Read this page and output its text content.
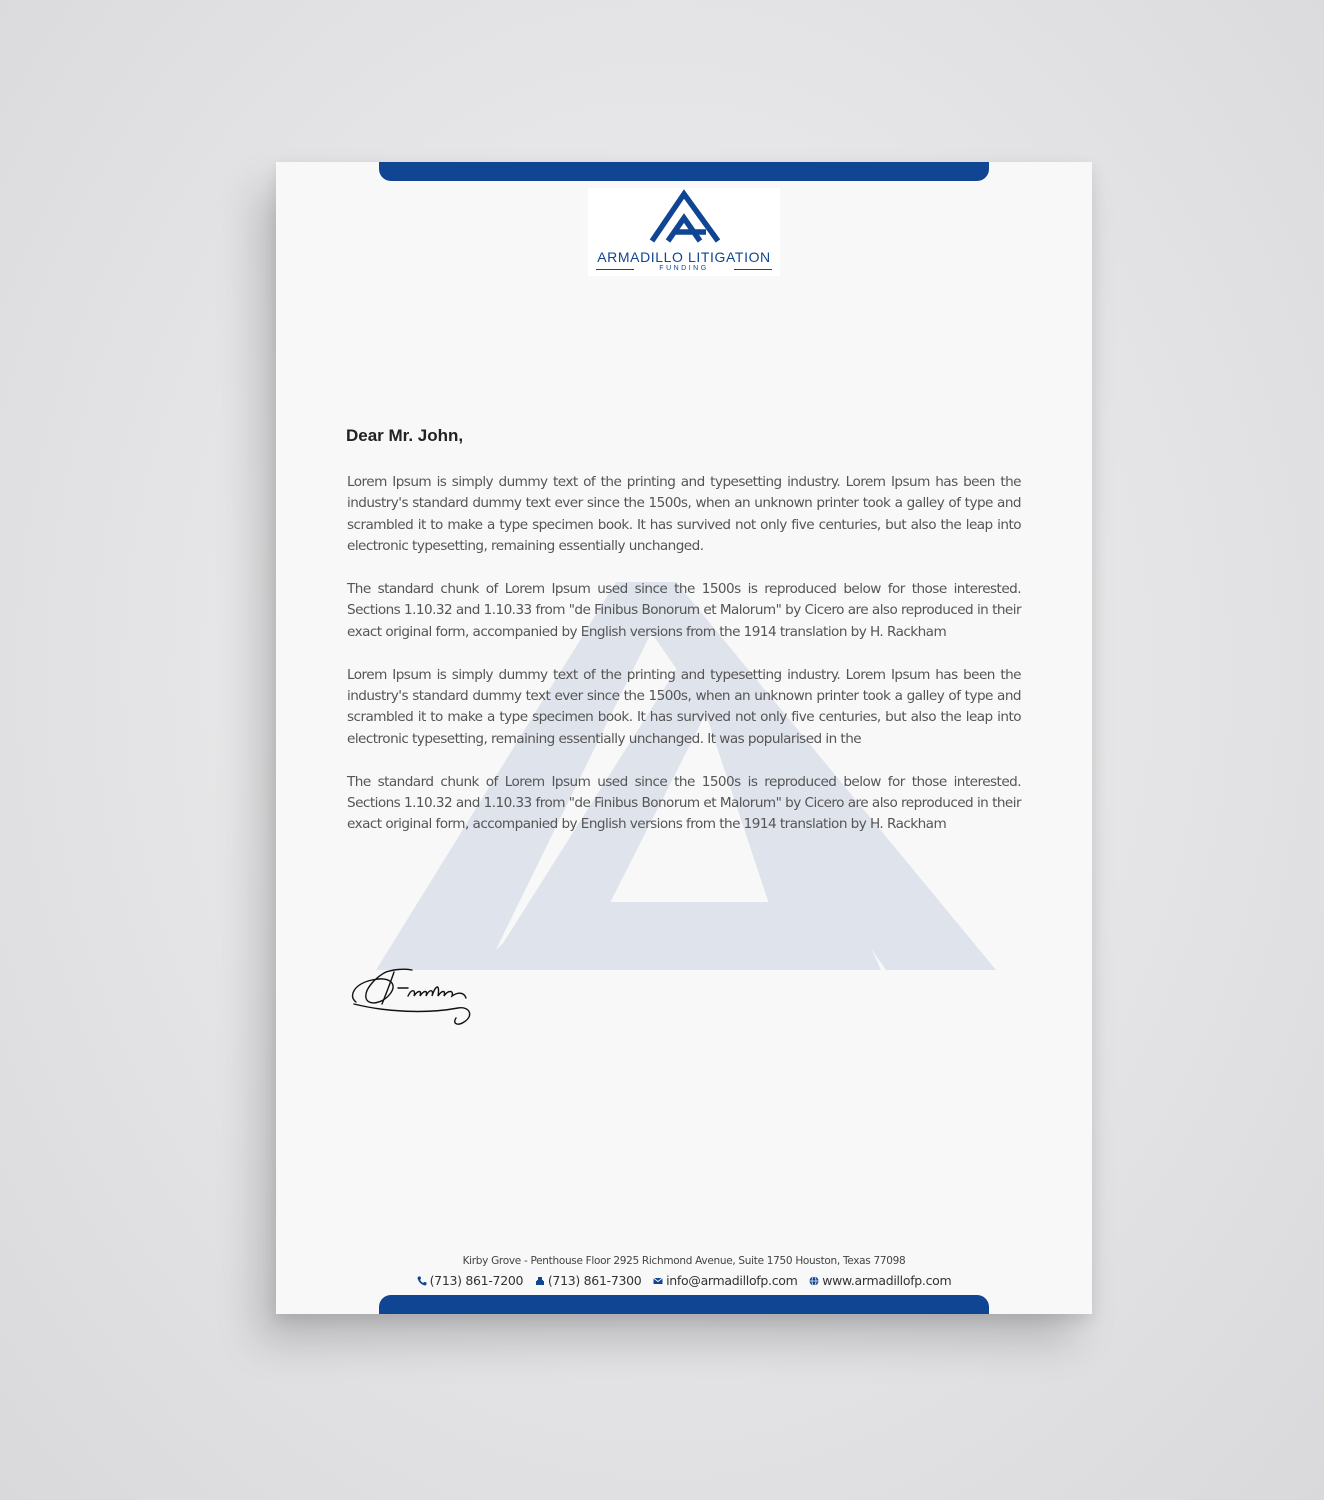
ARMADILLO LITIGATION
FUNDING
Dear Mr. John,

Lorem Ipsum is simply dummy text of the printing and typesetting industry. Lorem Ipsum has been the industry's standard dummy text ever since the 1500s, when an unknown printer took a galley of type and scrambled it to make a type specimen book. It has survived not only five centuries, but also the leap into electronic typesetting, remaining essentially unchanged.

The standard chunk of Lorem Ipsum used since the 1500s is reproduced below for those interested. Sections 1.10.32 and 1.10.33 from "de Finibus Bonorum et Malorum" by Cicero are also reproduced in their exact original form, accompanied by English versions from the 1914 translation by H. Rackham

Lorem Ipsum is simply dummy text of the printing and typesetting industry. Lorem Ipsum has been the industry's standard dummy text ever since the 1500s, when an unknown printer took a galley of type and scrambled it to make a type specimen book. It has survived not only five centuries, but also the leap into electronic typesetting, remaining essentially unchanged. It was popularised in the

The standard chunk of Lorem Ipsum used since the 1500s is reproduced below for those interested. Sections 1.10.32 and 1.10.33 from "de Finibus Bonorum et Malorum" by Cicero are also reproduced in their exact original form, accompanied by English versions from the 1914 translation by H. Rackham

Kirby Grove - Penthouse Floor 2925 Richmond Avenue, Suite 1750 Houston, Texas 77098
(713) 861-7200 (713) 861-7300 info@armadillofp.com www.armadillofp.com
